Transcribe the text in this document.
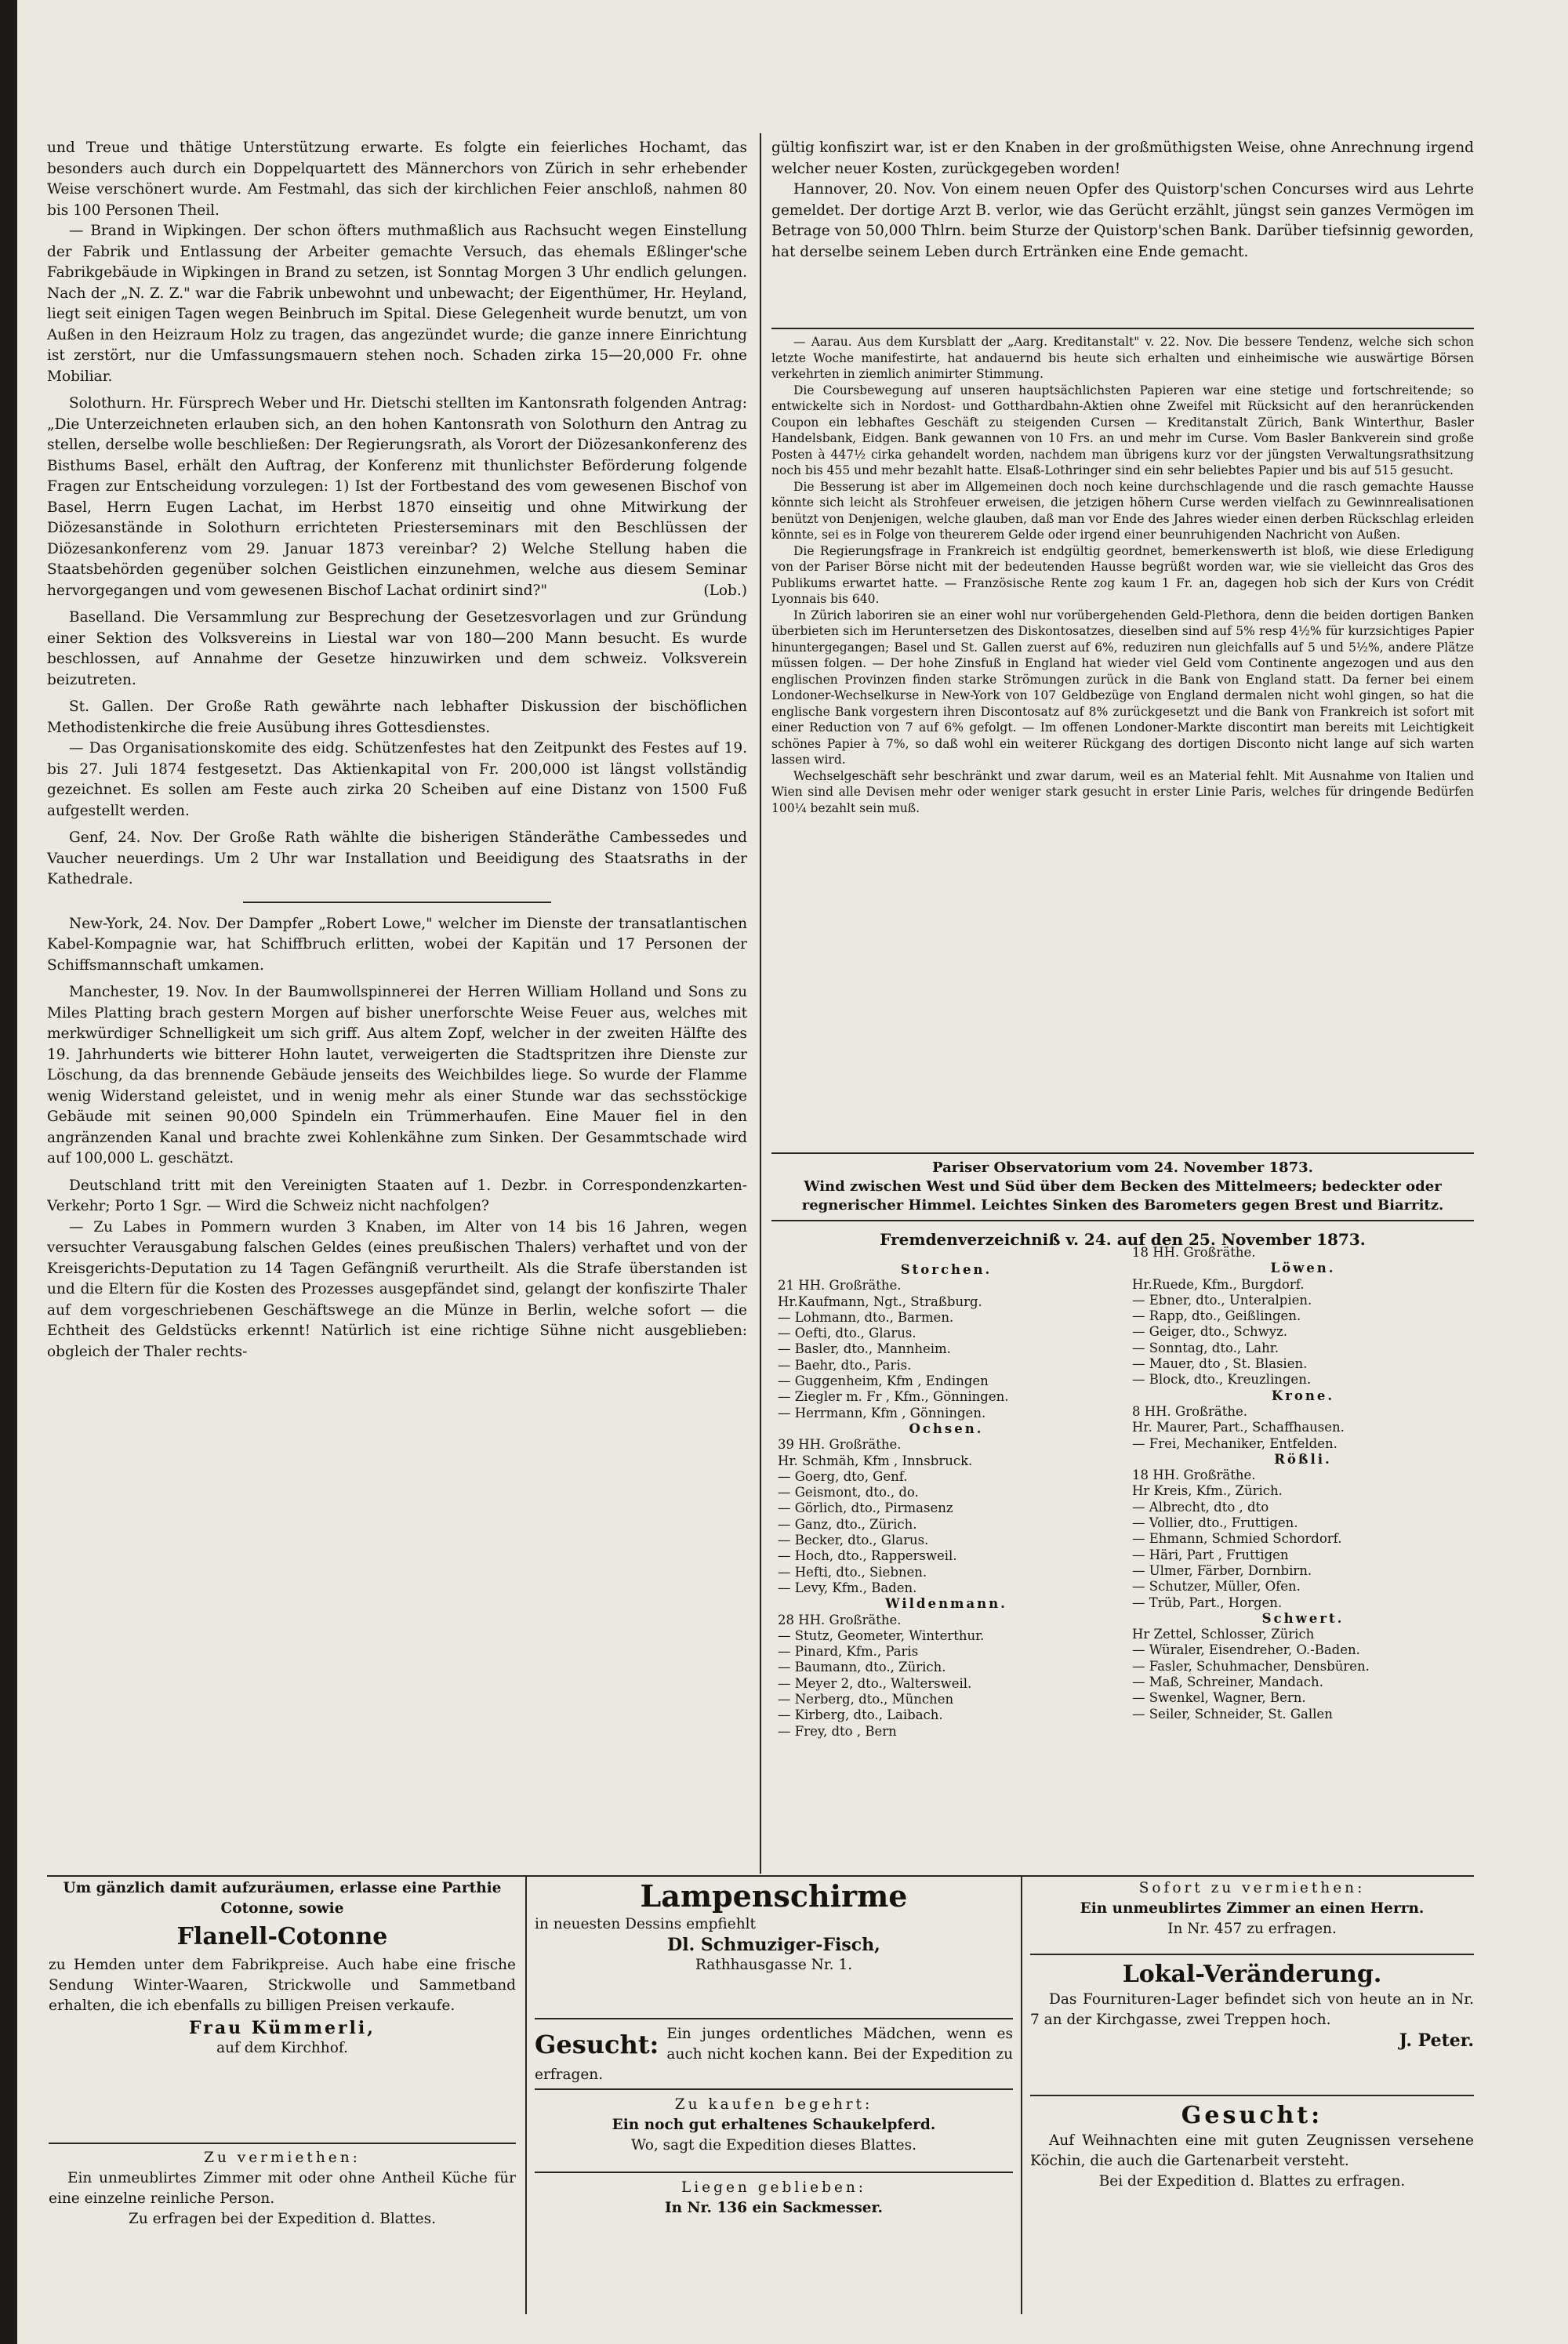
und Treue und thätige Unterstützung erwarte. Es folgte ein feierliches Hochamt, das besonders auch durch ein Doppelquartett des Männerchors von Zürich in sehr erhebender Weise verschönert wurde. Am Festmahl, das sich der kirchlichen Feier anschloß, nahmen 80 bis 100 Personen Theil.

— Brand in Wipkingen. Der schon öfters muthmaßlich aus Rachsucht wegen Einstellung der Fabrik und Entlassung der Arbeiter gemachte Versuch, das ehemals Eßlinger'sche Fabrikgebäude in Wipkingen in Brand zu setzen, ist Sonntag Morgen 3 Uhr endlich gelungen. Nach der „N. Z. Z." war die Fabrik unbewohnt und unbewacht; der Eigenthümer, Hr. Heyland, liegt seit einigen Tagen wegen Beinbruch im Spital. Diese Gelegenheit wurde benutzt, um von Außen in den Heizraum Holz zu tragen, das angezündet wurde; die ganze innere Einrichtung ist zerstört, nur die Umfassungsmauern stehen noch. Schaden zirka 15—20,000 Fr. ohne Mobiliar.

Solothurn. Hr. Fürsprech Weber und Hr. Dietschi stellten im Kantonsrath folgenden Antrag: „Die Unterzeichneten erlauben sich, an den hohen Kantonsrath von Solothurn den Antrag zu stellen, derselbe wolle beschließen: Der Regierungsrath, als Vorort der Diözesankonferenz des Bisthums Basel, erhält den Auftrag, der Konferenz mit thunlichster Beförderung folgende Fragen zur Entscheidung vorzulegen: 1) Ist der Fortbestand des vom gewesenen Bischof von Basel, Herrn Eugen Lachat, im Herbst 1870 einseitig und ohne Mitwirkung der Diözesanstände in Solothurn errichteten Priesterseminars mit den Beschlüssen der Diözesankonferenz vom 29. Januar 1873 vereinbar? 2) Welche Stellung haben die Staatsbehörden gegenüber solchen Geistlichen einzunehmen, welche aus diesem Seminar hervorgegangen und vom gewesenen Bischof Lachat ordinirt sind?"	(Lob.)

Baselland. Die Versammlung zur Besprechung der Gesetzesvorlagen und zur Gründung einer Sektion des Volksvereins in Liestal war von 180—200 Mann besucht. Es wurde beschlossen, auf Annahme der Gesetze hinzuwirken und dem schweiz. Volksverein beizutreten.

St. Gallen. Der Große Rath gewährte nach lebhafter Diskussion der bischöflichen Methodistenkirche die freie Ausübung ihres Gottesdienstes.

— Das Organisationskomite des eidg. Schützenfestes hat den Zeitpunkt des Festes auf 19. bis 27. Juli 1874 festgesetzt. Das Aktienkapital von Fr. 200,000 ist längst vollständig gezeichnet. Es sollen am Feste auch zirka 20 Scheiben auf eine Distanz von 1500 Fuß aufgestellt werden.

Genf, 24. Nov. Der Große Rath wählte die bisherigen Ständeräthe Cambessedes und Vaucher neuerdings. Um 2 Uhr war Installation und Beeidigung des Staatsraths in der Kathedrale.

New-York, 24. Nov. Der Dampfer „Robert Lowe," welcher im Dienste der transatlantischen Kabel-Kompagnie war, hat Schiffbruch erlitten, wobei der Kapitän und 17 Personen der Schiffsmannschaft umkamen.

Manchester, 19. Nov. In der Baumwollspinnerei der Herren William Holland und Sons zu Miles Platting brach gestern Morgen auf bisher unerforschte Weise Feuer aus, welches mit merkwürdiger Schnelligkeit um sich griff. Aus altem Zopf, welcher in der zweiten Hälfte des 19. Jahrhunderts wie bitterer Hohn lautet, verweigerten die Stadtspritzen ihre Dienste zur Löschung, da das brennende Gebäude jenseits des Weichbildes liege. So wurde der Flamme wenig Widerstand geleistet, und in wenig mehr als einer Stunde war das sechsstöckige Gebäude mit seinen 90,000 Spindeln ein Trümmerhaufen. Eine Mauer fiel in den angränzenden Kanal und brachte zwei Kohlenkähne zum Sinken. Der Gesammtschade wird auf 100,000 L. geschätzt.

Deutschland tritt mit den Vereinigten Staaten auf 1. Dezbr. in Correspondenzkarten-Verkehr; Porto 1 Sgr. — Wird die Schweiz nicht nachfolgen?

— Zu Labes in Pommern wurden 3 Knaben, im Alter von 14 bis 16 Jahren, wegen versuchter Verausgabung falschen Geldes (eines preußischen Thalers) verhaftet und von der Kreisgerichts-Deputation zu 14 Tagen Gefängniß verurtheilt. Als die Strafe überstanden ist und die Eltern für die Kosten des Prozesses ausgepfändet sind, gelangt der konfiszirte Thaler auf dem vorgeschriebenen Geschäftswege an die Münze in Berlin, welche sofort — die Echtheit des Geldstücks erkennt! Natürlich ist eine richtige Sühne nicht ausgeblieben: obgleich der Thaler rechts-

gültig konfiszirt war, ist er den Knaben in der großmüthigsten Weise, ohne Anrechnung irgend welcher neuer Kosten, zurückgegeben worden!

Hannover, 20. Nov. Von einem neuen Opfer des Quistorp'schen Concurses wird aus Lehrte gemeldet. Der dortige Arzt B. verlor, wie das Gerücht erzählt, jüngst sein ganzes Vermögen im Betrage von 50,000 Thlrn. beim Sturze der Quistorp'schen Bank. Darüber tiefsinnig geworden, hat derselbe seinem Leben durch Ertränken eine Ende gemacht.

— Aarau. Aus dem Kursblatt der „Aarg. Kreditanstalt" v. 22. Nov. Die bessere Tendenz, welche sich schon letzte Woche manifestirte, hat andauernd bis heute sich erhalten und einheimische wie auswärtige Börsen verkehrten in ziemlich animirter Stimmung.

Die Coursbewegung auf unseren hauptsächlichsten Papieren war eine stetige und fortschreitende; so entwickelte sich in Nordost- und Gotthardbahn-Aktien ohne Zweifel mit Rücksicht auf den heranrückenden Coupon ein lebhaftes Geschäft zu steigenden Cursen — Kreditanstalt Zürich, Bank Winterthur, Basler Handelsbank, Eidgen. Bank gewannen von 10 Frs. an und mehr im Curse. Vom Basler Bankverein sind große Posten à 447½ cirka gehandelt worden, nachdem man übrigens kurz vor der jüngsten Verwaltungsrathsitzung noch bis 455 und mehr bezahlt hatte. Elsaß-Lothringer sind ein sehr beliebtes Papier und bis auf 515 gesucht.

Die Besserung ist aber im Allgemeinen doch noch keine durchschlagende und die rasch gemachte Hausse könnte sich leicht als Strohfeuer erweisen, die jetzigen höhern Curse werden vielfach zu Gewinnrealisationen benützt von Denjenigen, welche glauben, daß man vor Ende des Jahres wieder einen derben Rückschlag erleiden könnte, sei es in Folge von theurerem Gelde oder irgend einer beunruhigenden Nachricht von Außen.

Die Regierungsfrage in Frankreich ist endgültig geordnet, bemerkenswerth ist bloß, wie diese Erledigung von der Pariser Börse nicht mit der bedeutenden Hausse begrüßt worden war, wie sie vielleicht das Gros des Publikums erwartet hatte. — Französische Rente zog kaum 1 Fr. an, dagegen hob sich der Kurs von Crédit Lyonnais bis 640.

In Zürich laboriren sie an einer wohl nur vorübergehenden Geld-Plethora, denn die beiden dortigen Banken überbieten sich im Heruntersetzen des Diskontosatzes, dieselben sind auf 5% resp 4½% für kurzsichtiges Papier hinuntergegangen; Basel und St. Gallen zuerst auf 6%, reduziren nun gleichfalls auf 5 und 5½%, andere Plätze müssen folgen. — Der hohe Zinsfuß in England hat wieder viel Geld vom Continente angezogen und aus den englischen Provinzen finden starke Strömungen zurück in die Bank von England statt. Da ferner bei einem Londoner-Wechselkurse in New-York von 107 Geldbezüge von England dermalen nicht wohl gingen, so hat die englische Bank vorgestern ihren Discontosatz auf 8% zurückgesetzt und die Bank von Frankreich ist sofort mit einer Reduction von 7 auf 6% gefolgt. — Im offenen Londoner-Markte discontirt man bereits mit Leichtigkeit schönes Papier à 7%, so daß wohl ein weiterer Rückgang des dortigen Disconto nicht lange auf sich warten lassen wird.

Wechselgeschäft sehr beschränkt und zwar darum, weil es an Material fehlt. Mit Ausnahme von Italien und Wien sind alle Devisen mehr oder weniger stark gesucht in erster Linie Paris, welches für dringende Bedürfen 100¼ bezahlt sein muß.

Pariser Observatorium vom 24. November 1873.
Wind zwischen West und Süd über dem Becken des Mittelmeers; bedeckter oder regnerischer Himmel. Leichtes Sinken des Barometers gegen Brest und Biarritz.
Fremdenverzeichniß v. 24. auf den 25. November 1873.
Storchen.
21 HH. Großräthe.
Hr.Kaufmann, Ngt., Straßburg.
— Lohmann, dto., Barmen.
— Oefti, dto., Glarus.
— Basler, dto., Mannheim.
— Baehr, dto., Paris.
— Guggenheim, Kfm , Endingen
— Ziegler m. Fr , Kfm., Gönningen.
— Herrmann, Kfm , Gönningen.
Ochsen.
39 HH. Großräthe.
Hr. Schmäh, Kfm , Innsbruck.
— Goerg, dto, Genf.
— Geismont, dto., do.
— Görlich, dto., Pirmasenz
— Ganz, dto., Zürich.
— Becker, dto., Glarus.
— Hoch, dto., Rappersweil.
— Hefti, dto., Siebnen.
— Levy, Kfm., Baden.
Wildenmann.
28 HH. Großräthe.
— Stutz, Geometer, Winterthur.
— Pinard, Kfm., Paris
— Baumann, dto., Zürich.
— Meyer 2, dto., Waltersweil.
— Nerberg, dto., München
— Kirberg, dto., Laibach.
— Frey, dto , Bern
18 HH. Großräthe.
Löwen.
Hr.Ruede, Kfm., Burgdorf.
— Ebner, dto., Unteralpien.
— Rapp, dto., Geißlingen.
— Geiger, dto., Schwyz.
— Sonntag, dto., Lahr.
— Mauer, dto , St. Blasien.
— Block, dto., Kreuzlingen.
Krone.
8 HH. Großräthe.
Hr. Maurer, Part., Schaffhausen.
— Frei, Mechaniker, Entfelden.
Rößli.
18 HH. Großräthe.
Hr Kreis, Kfm., Zürich.
— Albrecht, dto , dto
— Vollier, dto., Fruttigen.
— Ehmann, Schmied Schordorf.
— Häri, Part , Fruttigen
— Ulmer, Färber, Dornbirn.
— Schutzer, Müller, Ofen.
— Trüb, Part., Horgen.
Schwert.
Hr Zettel, Schlosser, Zürich
— Würaler, Eisendreher, O.-Baden.
— Fasler, Schuhmacher, Densbüren.
— Maß, Schreiner, Mandach.
— Swenkel, Wagner, Bern.
— Seiler, Schneider, St. Gallen
Um gänzlich damit aufzuräumen, erlasse eine Parthie Cotonne, sowie
Flanell-Cotonne
zu Hemden unter dem Fabrikpreise. Auch habe eine frische Sendung Winter-Waaren, Strickwolle und Sammetband erhalten, die ich ebenfalls zu billigen Preisen verkaufe.
Frau Kümmerli,
auf dem Kirchhof.
Zu vermiethen:
Ein unmeublirtes Zimmer mit oder ohne Antheil Küche für eine einzelne reinliche Person.
Zu erfragen bei der Expedition d. Blattes.
Lampenschirme
in neuesten Dessins empfiehlt
Dl. Schmuziger-Fisch,
Rathhausgasse Nr. 1.
Gesucht: Ein junges ordentliches Mädchen, wenn es auch nicht kochen kann. Bei der Expedition zu erfragen.
Zu kaufen begehrt:
Ein noch gut erhaltenes Schaukelpferd.
Wo, sagt die Expedition dieses Blattes.
Liegen geblieben:
In Nr. 136 ein Sackmesser.
Sofort zu vermiethen:
Ein unmeublirtes Zimmer an einen Herrn.
In Nr. 457 zu erfragen.
Lokal-Veränderung.
Das Fournituren-Lager befindet sich von heute an in Nr. 7 an der Kirchgasse, zwei Treppen hoch.
J. Peter.
Gesucht:
Auf Weihnachten eine mit guten Zeugnissen versehene Köchin, die auch die Gartenarbeit versteht.
Bei der Expedition d. Blattes zu erfragen.
